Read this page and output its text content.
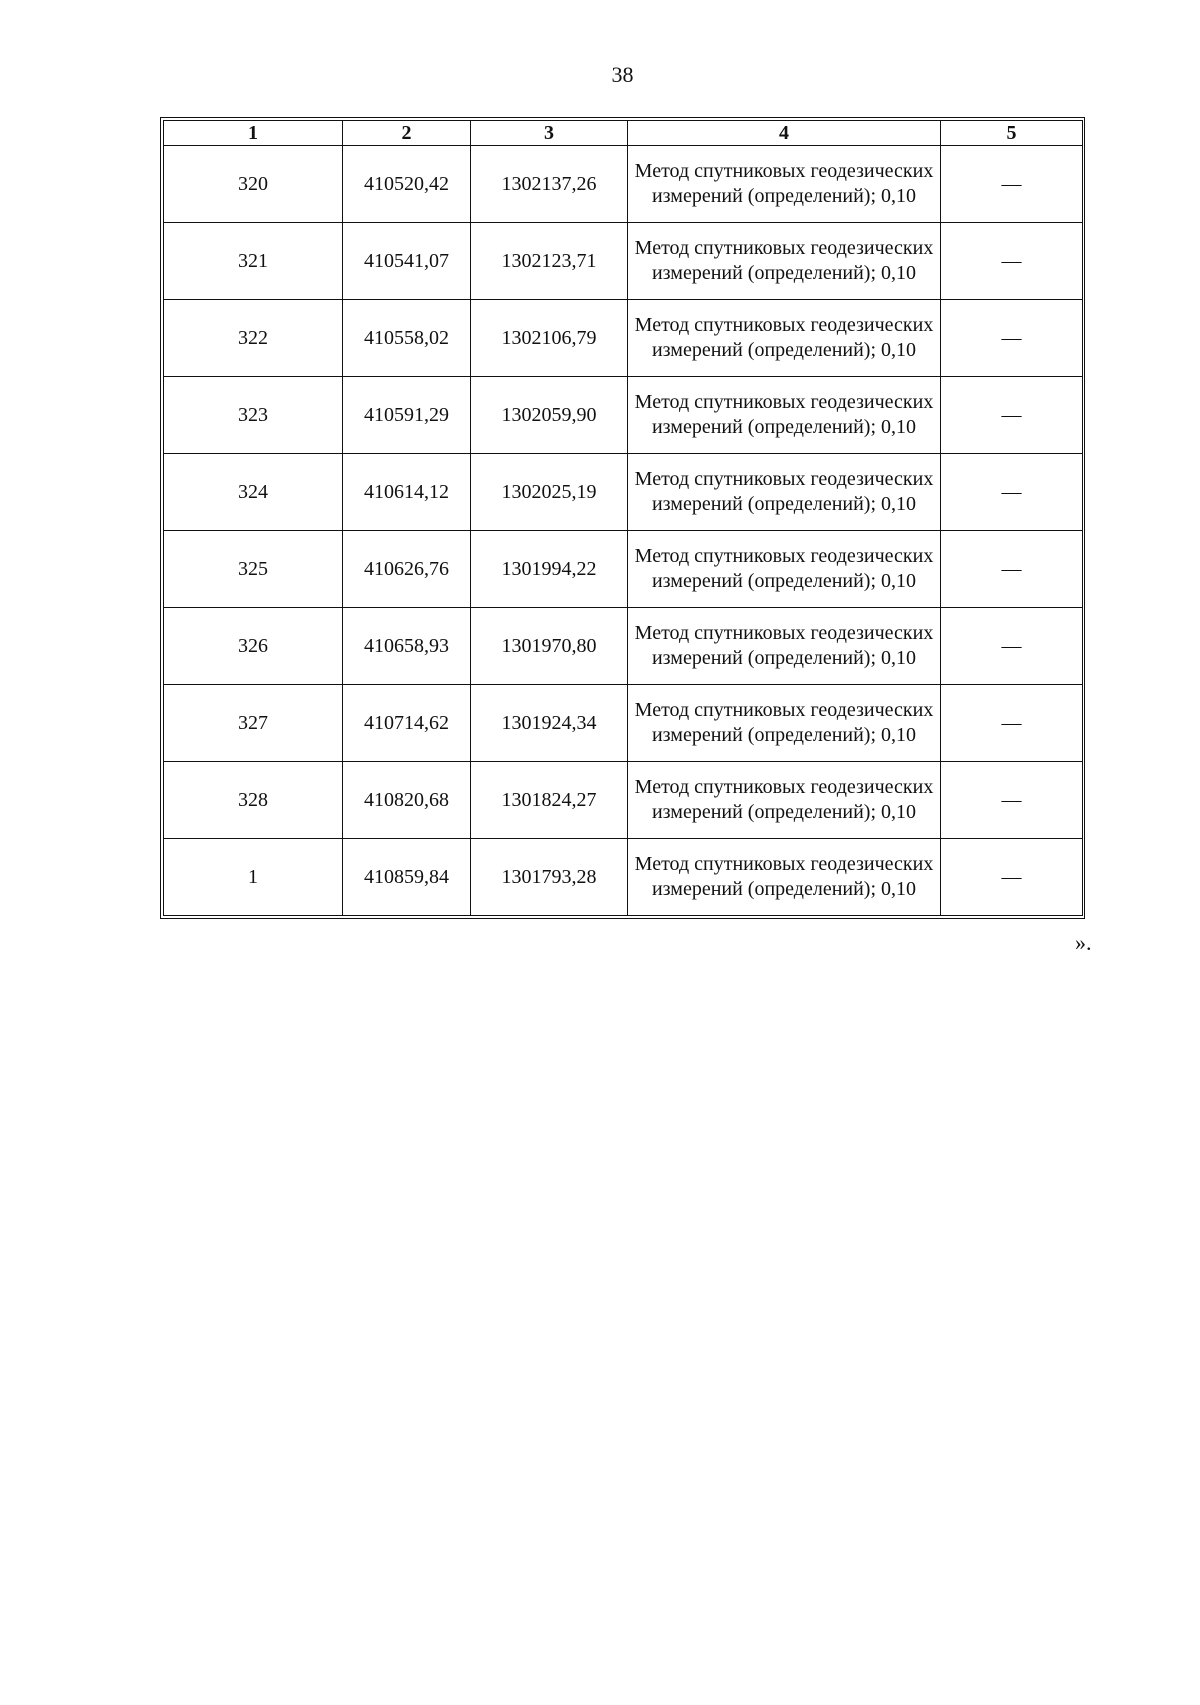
38
1	2	3	4	5
320	410520,42	1302137,26	Метод спутниковых геодезических измерений (определений); 0,10	—
321	410541,07	1302123,71	Метод спутниковых геодезических измерений (определений); 0,10	—
322	410558,02	1302106,79	Метод спутниковых геодезических измерений (определений); 0,10	—
323	410591,29	1302059,90	Метод спутниковых геодезических измерений (определений); 0,10	—
324	410614,12	1302025,19	Метод спутниковых геодезических измерений (определений); 0,10	—
325	410626,76	1301994,22	Метод спутниковых геодезических измерений (определений); 0,10	—
326	410658,93	1301970,80	Метод спутниковых геодезических измерений (определений); 0,10	—
327	410714,62	1301924,34	Метод спутниковых геодезических измерений (определений); 0,10	—
328	410820,68	1301824,27	Метод спутниковых геодезических измерений (определений); 0,10	—
1	410859,84	1301793,28	Метод спутниковых геодезических измерений (определений); 0,10	—
».
